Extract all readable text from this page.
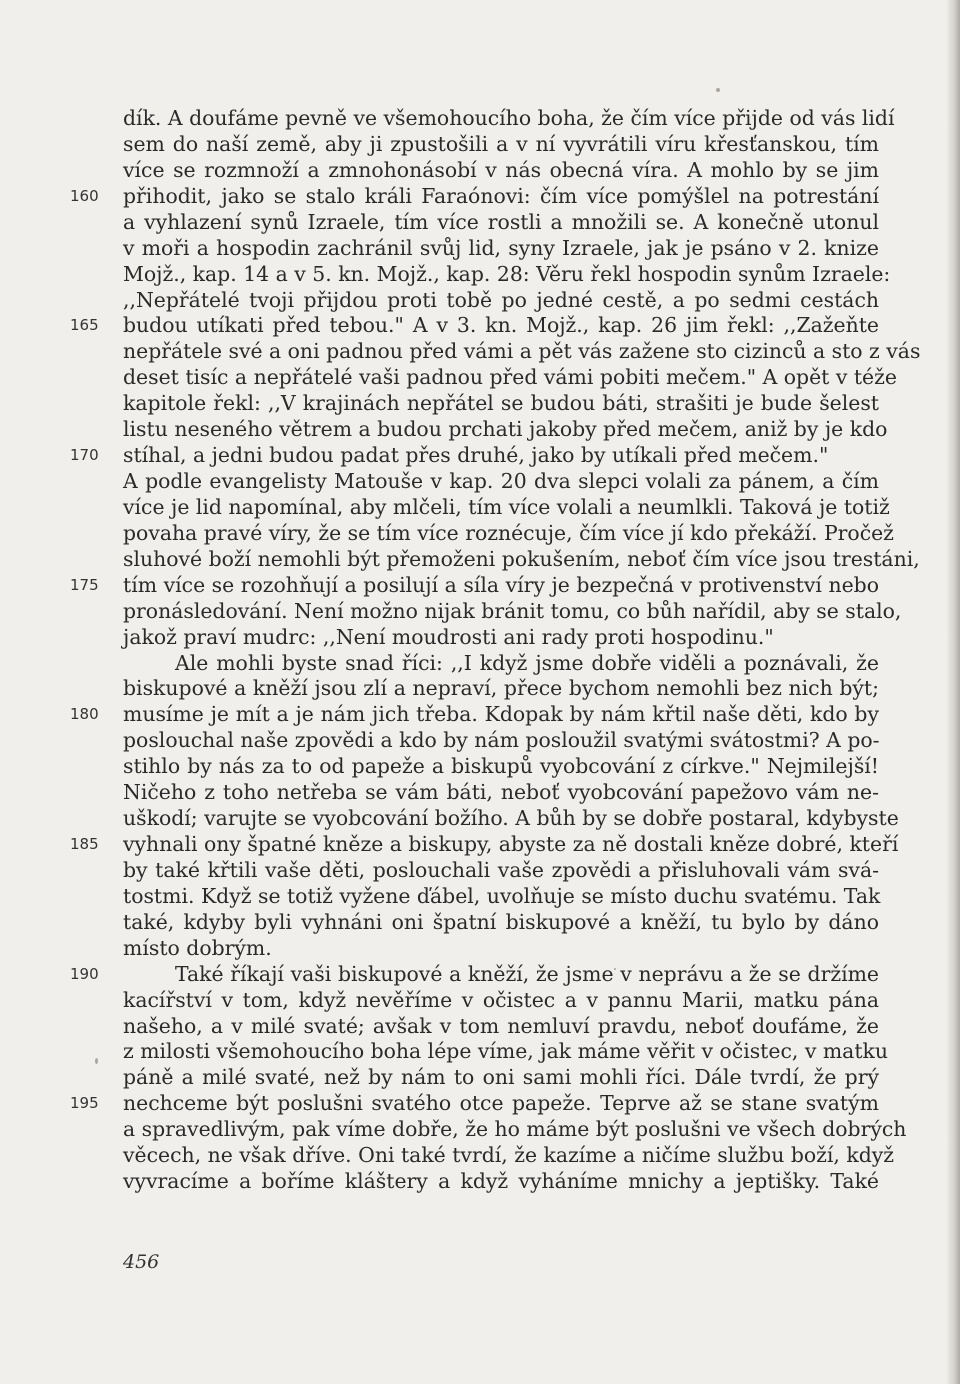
dík. A doufáme pevně ve všemohoucího boha, že čím více přijde od vás lidí
sem do naší země, aby ji zpustošili a v ní vyvrátili víru křesťanskou, tím
více se rozmnoží a zmnohonásobí v nás obecná víra. A mohlo by se jim
přihodit, jako se stalo králi Faraónovi: čím více pomýšlel na potrestání
a vyhlazení synů Izraele, tím více rostli a množili se. A konečně utonul
v moři a hospodin zachránil svůj lid, syny Izraele, jak je psáno v 2. knize
Mojž., kap. 14 a v 5. kn. Mojž., kap. 28: Věru řekl hospodin synům Izraele:
,,Nepřátelé tvoji přijdou proti tobě po jedné cestě, a po sedmi cestách
budou utíkati před tebou." A v 3. kn. Mojž., kap. 26 jim řekl: ,,Zažeňte
nepřátele své a oni padnou před vámi a pět vás zažene sto cizinců a sto z vás
deset tisíc a nepřátelé vaši padnou před vámi pobiti mečem." A opět v téže
kapitole řekl: ,,V krajinách nepřátel se budou báti, strašiti je bude šelest
listu neseného větrem a budou prchati jakoby před mečem, aniž by je kdo
stíhal, a jedni budou padat přes druhé, jako by utíkali před mečem."
A podle evangelisty Matouše v kap. 20 dva slepci volali za pánem, a čím
více je lid napomínal, aby mlčeli, tím více volali a neumlkli. Taková je totiž
povaha pravé víry, že se tím více roznécuje, čím více jí kdo překáží. Pročež
sluhové boží nemohli být přemoženi pokušením, neboť čím více jsou trestáni,
tím více se rozohňují a posilují a síla víry je bezpečná v protivenství nebo
pronásledování. Není možno nijak bránit tomu, co bůh nařídil, aby se stalo,
jakož praví mudrc: ,,Není moudrosti ani rady proti hospodinu."
Ale mohli byste snad říci: ,,I když jsme dobře viděli a poznávali, že
biskupové a kněží jsou zlí a nepraví, přece bychom nemohli bez nich být;
musíme je mít a je nám jich třeba. Kdopak by nám křtil naše děti, kdo by
poslouchal naše zpovědi a kdo by nám posloužil svatými svátostmi? A po-
stihlo by nás za to od papeže a biskupů vyobcování z církve." Nejmilejší!
Ničeho z toho netřeba se vám báti, neboť vyobcování papežovo vám ne-
uškodí; varujte se vyobcování božího. A bůh by se dobře postaral, kdybyste
vyhnali ony špatné kněze a biskupy, abyste za ně dostali kněze dobré, kteří
by také křtili vaše děti, poslouchali vaše zpovědi a přisluhovali vám svá-
tostmi. Když se totiž vyžene ďábel, uvolňuje se místo duchu svatému. Tak
také, kdyby byli vyhnáni oni špatní biskupové a kněží, tu bylo by dáno
místo dobrým.
Také říkají vaši biskupové a kněží, že jsme v neprávu a že se držíme
kacířství v tom, když nevěříme v očistec a v pannu Marii, matku pána
našeho, a v milé svaté; avšak v tom nemluví pravdu, neboť doufáme, že
z milosti všemohoucího boha lépe víme, jak máme věřit v očistec, v matku
páně a milé svaté, než by nám to oni sami mohli říci. Dále tvrdí, že prý
nechceme být poslušni svatého otce papeže. Teprve až se stane svatým
a spravedlivým, pak víme dobře, že ho máme být poslušni ve všech dobrých
věcech, ne však dříve. Oni také tvrdí, že kazíme a ničíme službu boží, když
vyvracíme a boříme kláštery a když vyháníme mnichy a jeptišky. Také
160
165
170
175
180
185
190
195
456
